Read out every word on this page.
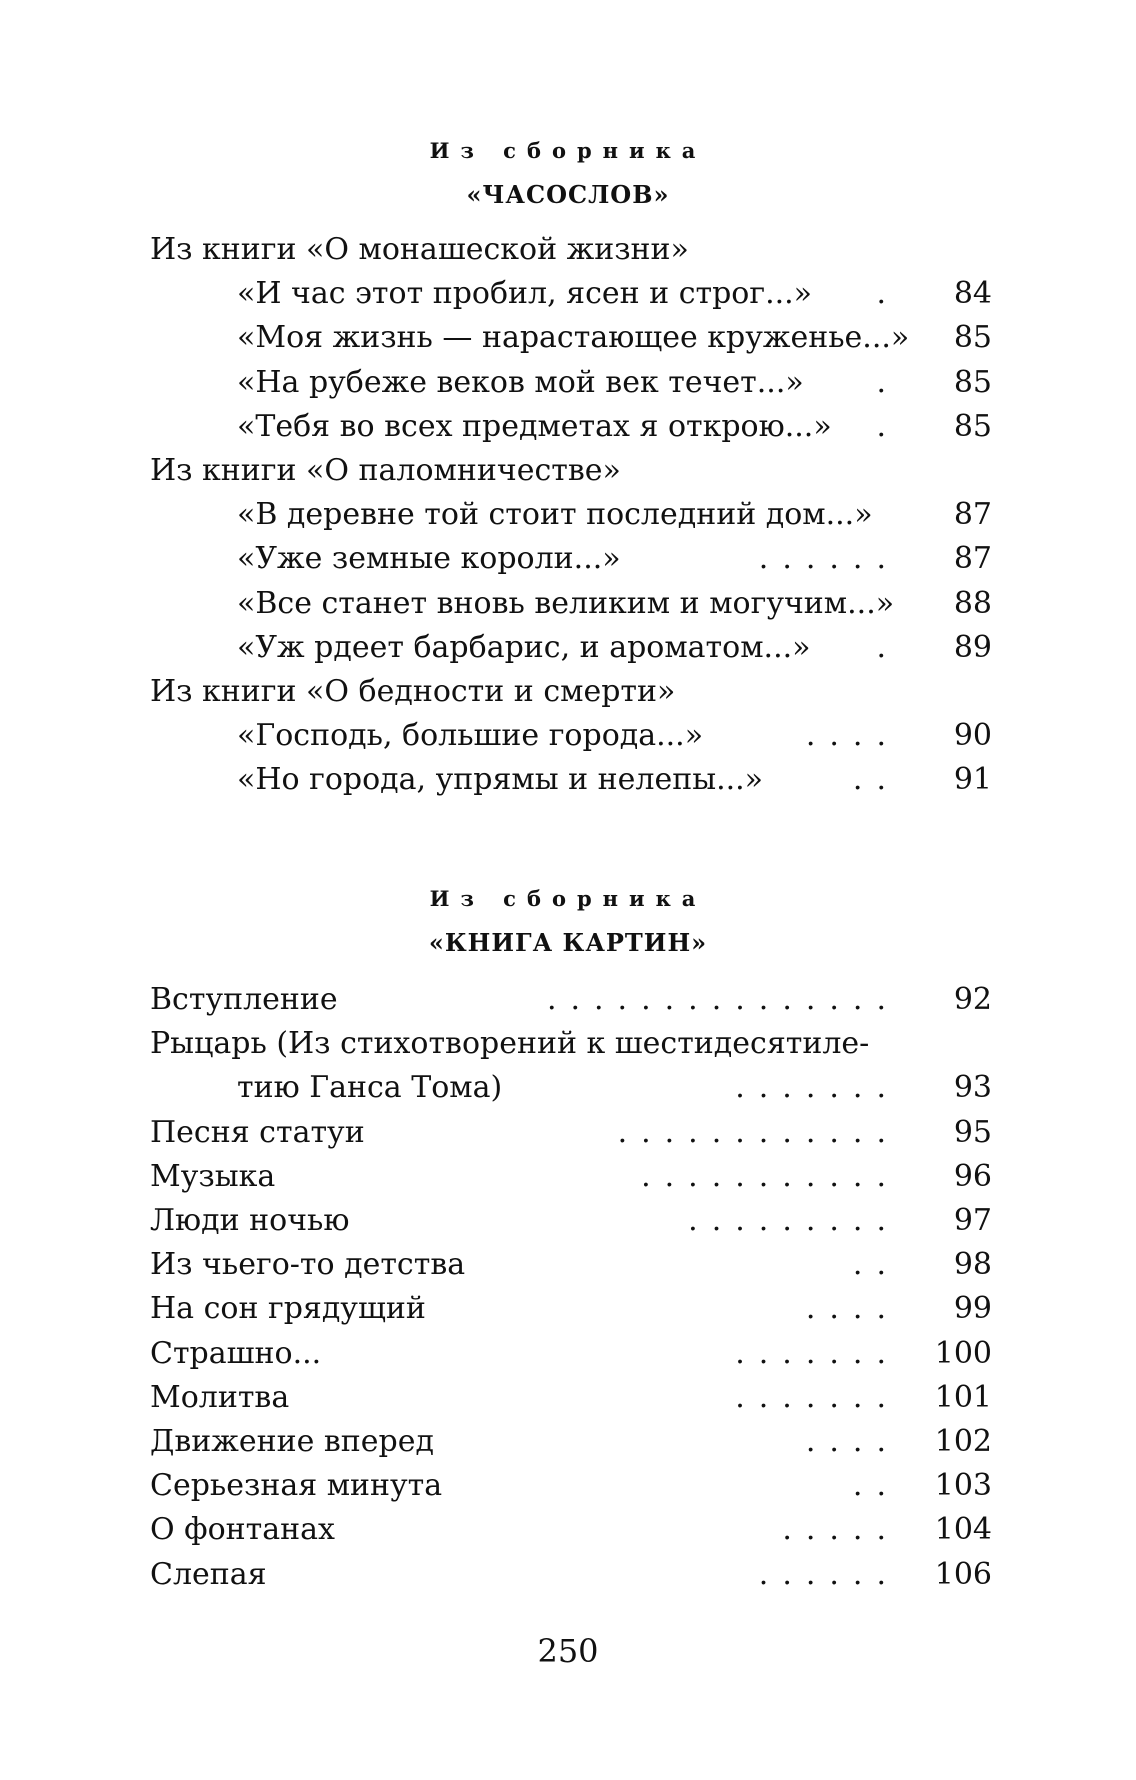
Из сборника
«ЧАСОСЛОВ»
Из сборника
«КНИГА КАРТИН»
Из книги «О монашеской жизни»
«И час этот пробил, ясен и строг...» .	84
«Моя жизнь — нарастающее круженье...»	85
«На рубеже веков мой век течет...» .	85
«Тебя во всех предметах я открою...» .	85
Из книги «О паломничестве»
«В деревне той стоит последний дом...»	87
«Уже земные короли...»	......	87
«Все станет вновь великим и могучим...»	88
«Уж рдеет барбарис, и ароматом...» .	89
Из книги «О бедности и смерти»
«Господь, большие города...»	....	90
«Но города, упрямы и нелепы...»	..	91
Вступление	...............	92
Рыцарь (Из стихотворений к шестидесятиле-
тию Ганса Тома)	.......	93
Песня статуи	............	95
Музыка	...........	96
Люди ночью	.........	97
Из чьего-то детства	..	98
На сон грядущий	....	99
Страшно...	.......	100
Молитва	.......	101
Движение вперед	....	102
Серьезная минута	..	103
О фонтанах	.....	104
Слепая	......	106
250
